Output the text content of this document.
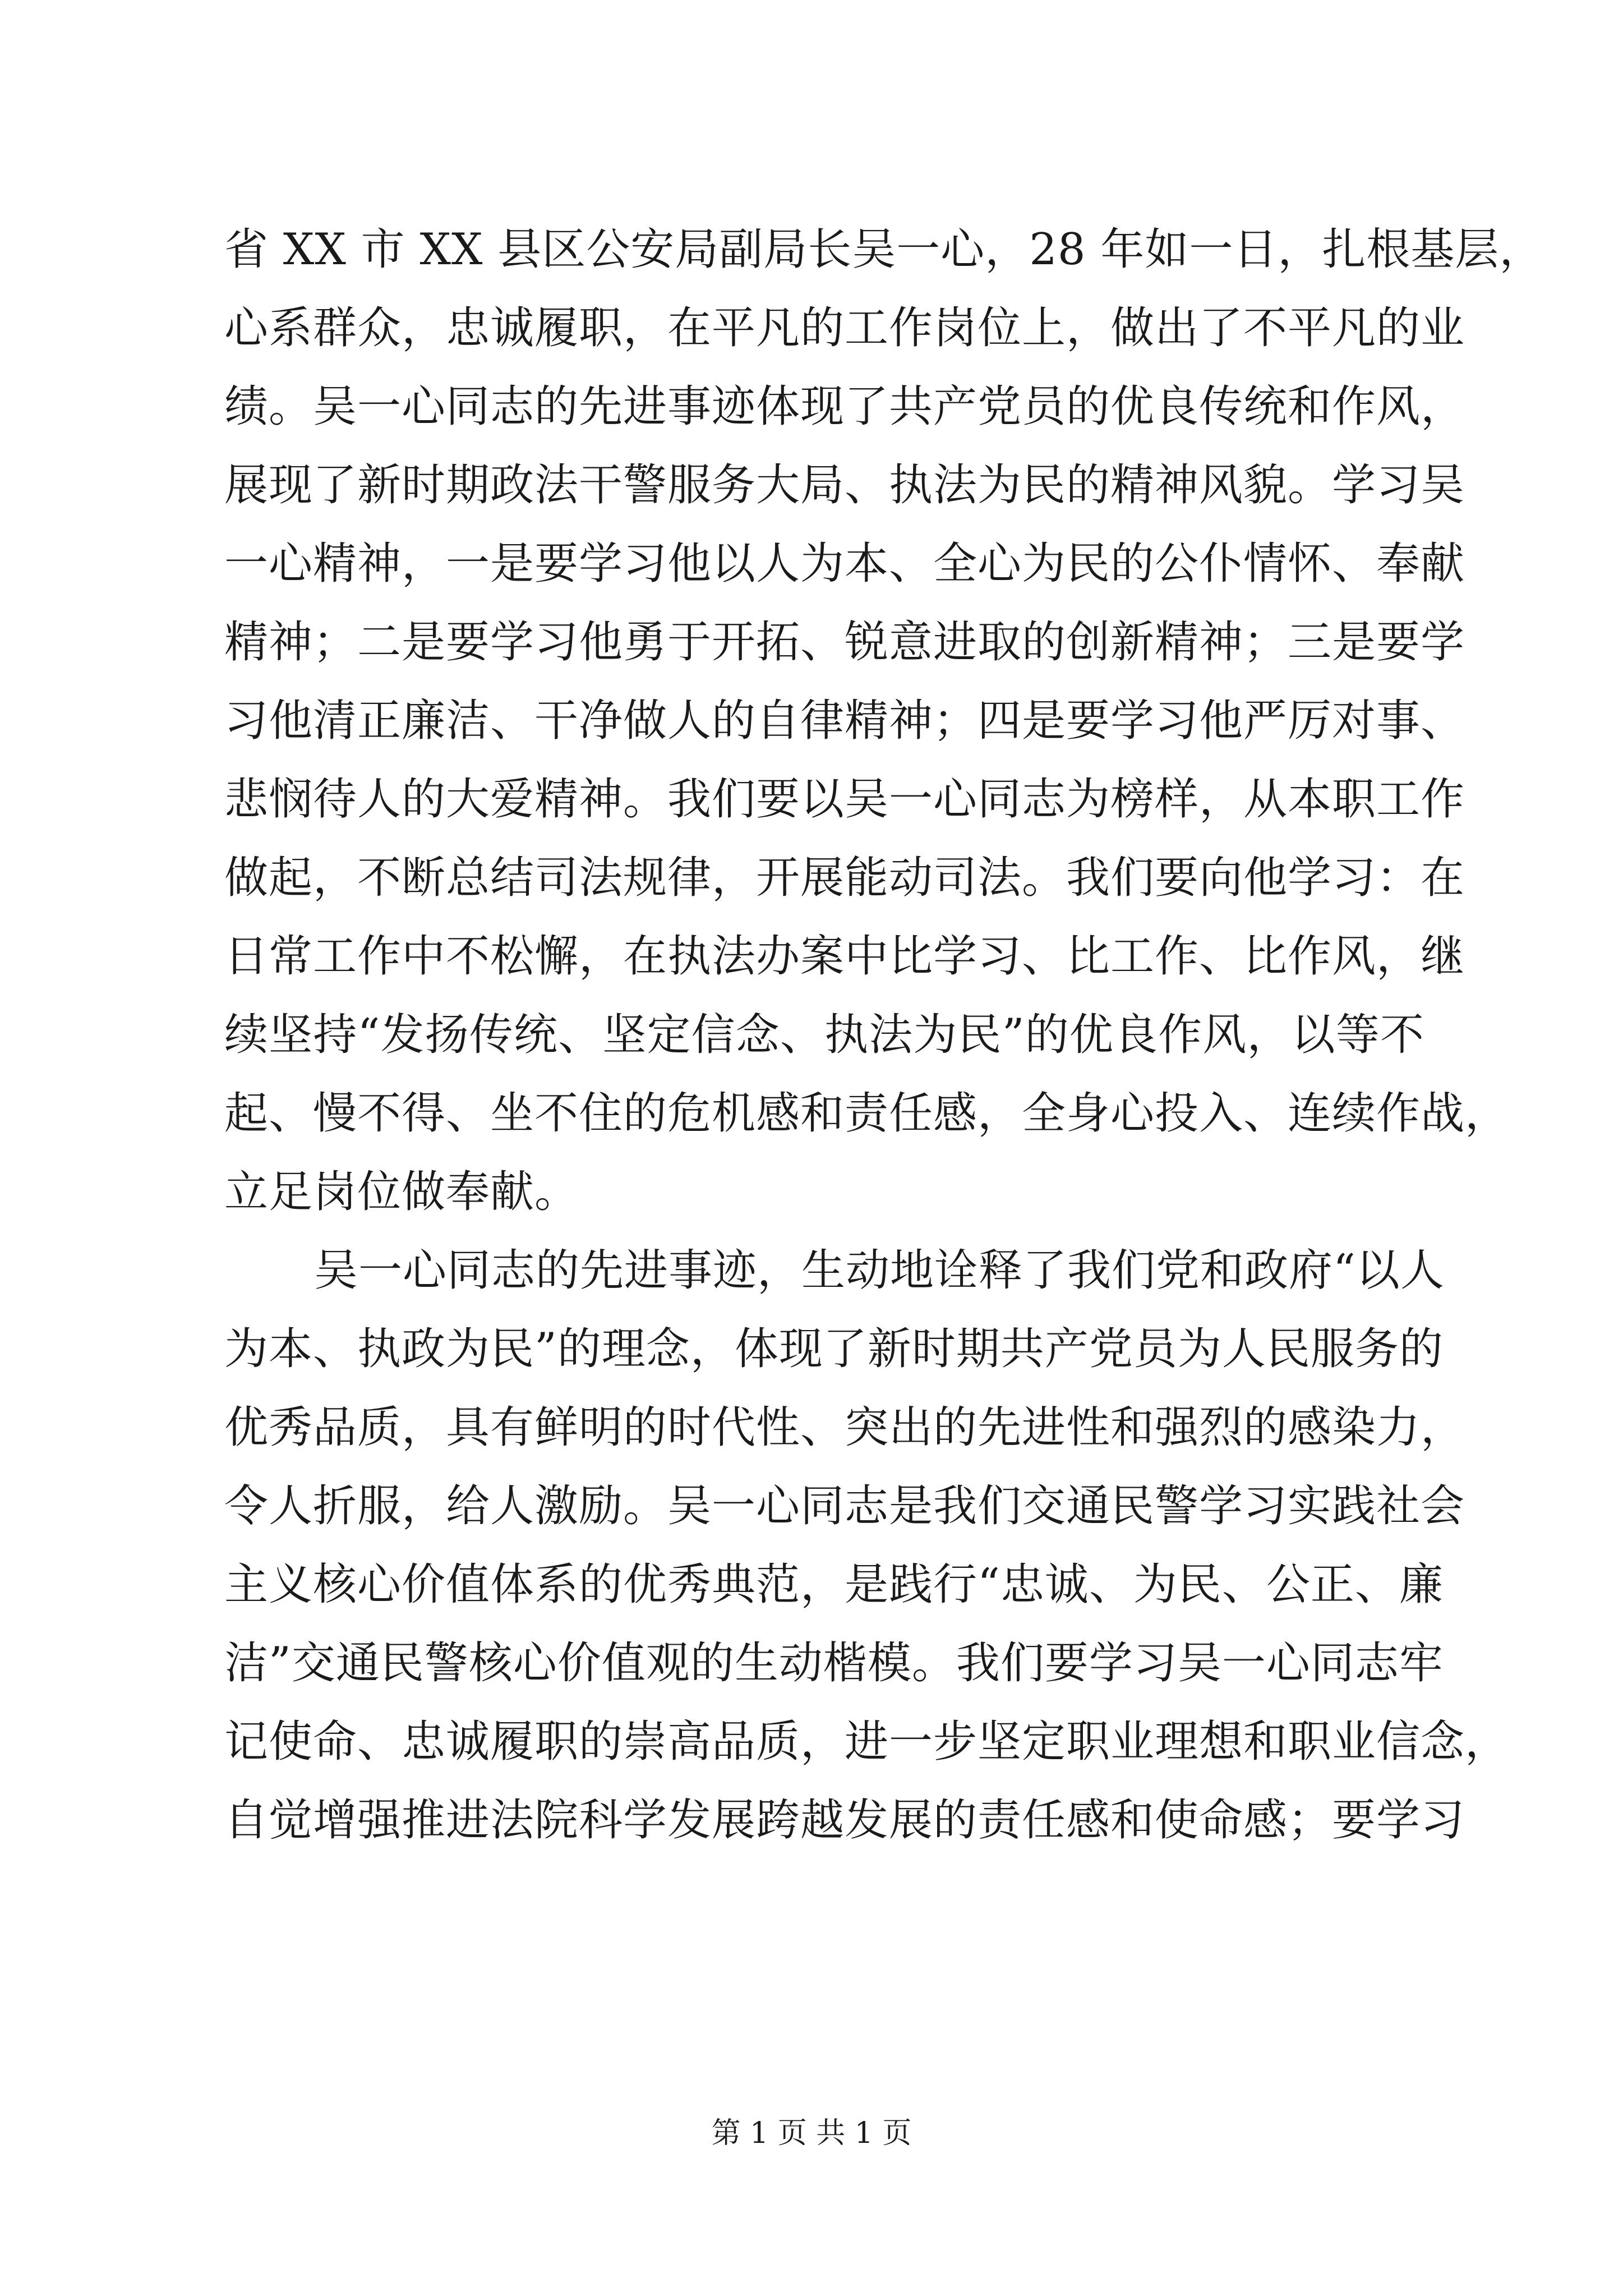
省 XX 市 XX 县区公安局副局长吴一心，28 年如一日，扎根基层，
心系群众，忠诚履职，在平凡的工作岗位上，做出了不平凡的业
绩。吴一心同志的先进事迹体现了共产党员的优良传统和作风，
展现了新时期政法干警服务大局、执法为民的精神风貌。学习吴
一心精神，一是要学习他以人为本、全心为民的公仆情怀、奉献
精神；二是要学习他勇于开拓、锐意进取的创新精神；三是要学
习他清正廉洁、干净做人的自律精神；四是要学习他严厉对事、
悲悯待人的大爱精神。我们要以吴一心同志为榜样，从本职工作
做起，不断总结司法规律，开展能动司法。我们要向他学习：在
日常工作中不松懈，在执法办案中比学习、比工作、比作风，继
续坚持“发扬传统、坚定信念、执法为民”的优良作风，以等不
起、慢不得、坐不住的危机感和责任感，全身心投入、连续作战，
立足岗位做奉献。
吴一心同志的先进事迹，生动地诠释了我们党和政府“以人
为本、执政为民”的理念，体现了新时期共产党员为人民服务的
优秀品质，具有鲜明的时代性、突出的先进性和强烈的感染力，
令人折服，给人激励。吴一心同志是我们交通民警学习实践社会
主义核心价值体系的优秀典范，是践行“忠诚、为民、公正、廉
洁”交通民警核心价值观的生动楷模。我们要学习吴一心同志牢
记使命、忠诚履职的崇高品质，进一步坚定职业理想和职业信念，
自觉增强推进法院科学发展跨越发展的责任感和使命感；要学习
第 1 页 共 1 页
